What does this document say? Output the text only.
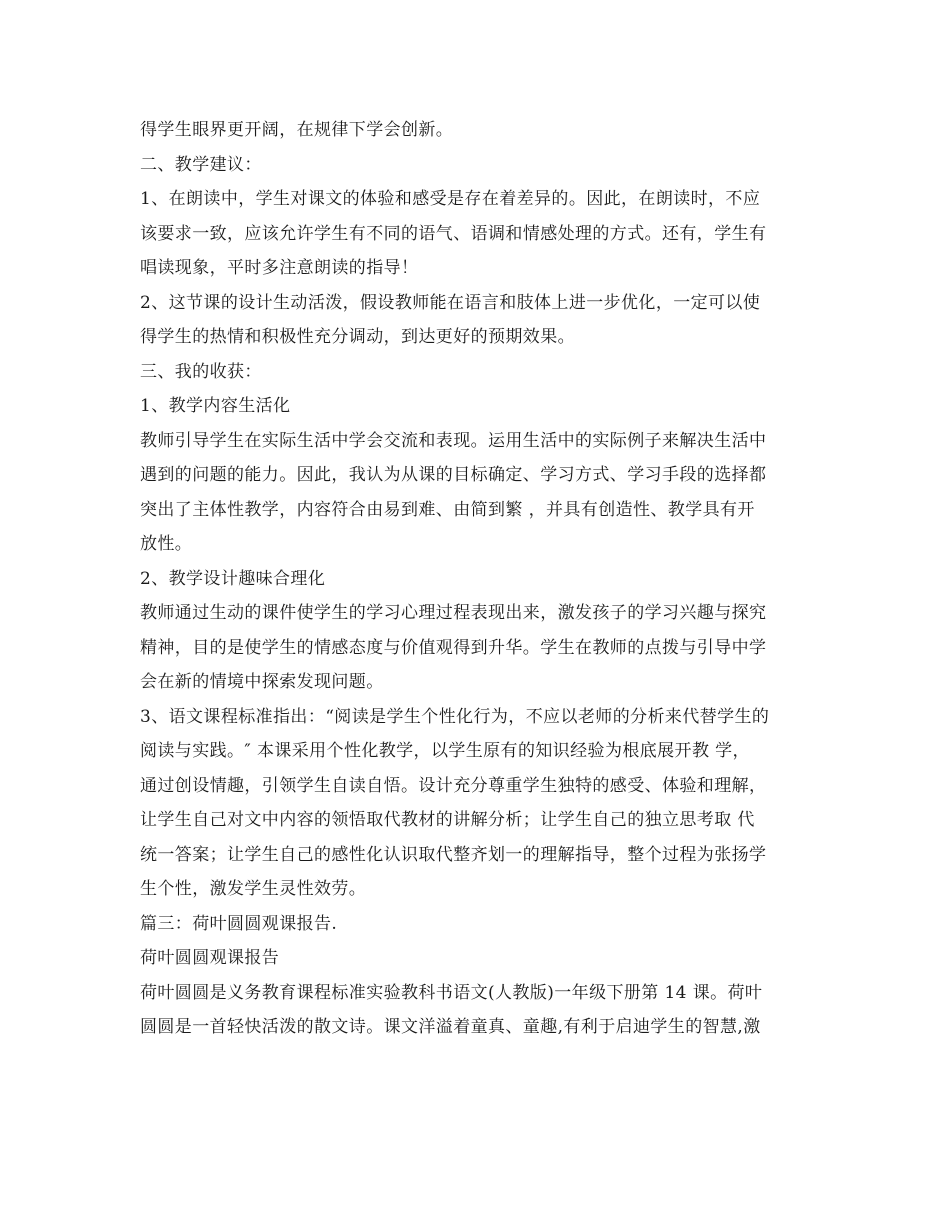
得学生眼界更开阔，在规律下学会创新。
二、教学建议：
1、在朗读中，学生对课文的体验和感受是存在着差异的。因此，在朗读时，不应
该要求一致，应该允许学生有不同的语气、语调和情感处理的方式。还有，学生有
唱读现象，平时多注意朗读的指导！
2、这节课的设计生动活泼，假设教师能在语言和肢体上进一步优化，一定可以使
得学生的热情和积极性充分调动，到达更好的预期效果。
三、我的收获：
1、教学内容生活化
教师引导学生在实际生活中学会交流和表现。运用生活中的实际例子来解决生活中
遇到的问题的能力。因此，我认为从课的目标确定、学习方式、学习手段的选择都
突出了主体性教学，内容符合由易到难、由简到繁 ，并具有创造性、教学具有开
放性。
2、教学设计趣味合理化
教师通过生动的课件使学生的学习心理过程表现出来，激发孩子的学习兴趣与探究
精神，目的是使学生的情感态度与价值观得到升华。学生在教师的点拨与引导中学
会在新的情境中探索发现问题。
3、语文课程标准指出：“阅读是学生个性化行为，不应以老师的分析来代替学生的
阅读与实践。″ 本课采用个性化教学，以学生原有的知识经验为根底展开教 学，
通过创设情趣，引领学生自读自悟。设计充分尊重学生独特的感受、体验和理解，
让学生自己对文中内容的领悟取代教材的讲解分析；让学生自己的独立思考取 代
统一答案；让学生自己的感性化认识取代整齐划一的理解指导，整个过程为张扬学
生个性，激发学生灵性效劳。
篇三：荷叶圆圆观课报告.
荷叶圆圆观课报告
荷叶圆圆是义务教育课程标准实验教科书语文(人教版)一年级下册第 14 课。荷叶
圆圆是一首轻快活泼的散文诗。课文洋溢着童真、童趣,有利于启迪学生的智慧,激
